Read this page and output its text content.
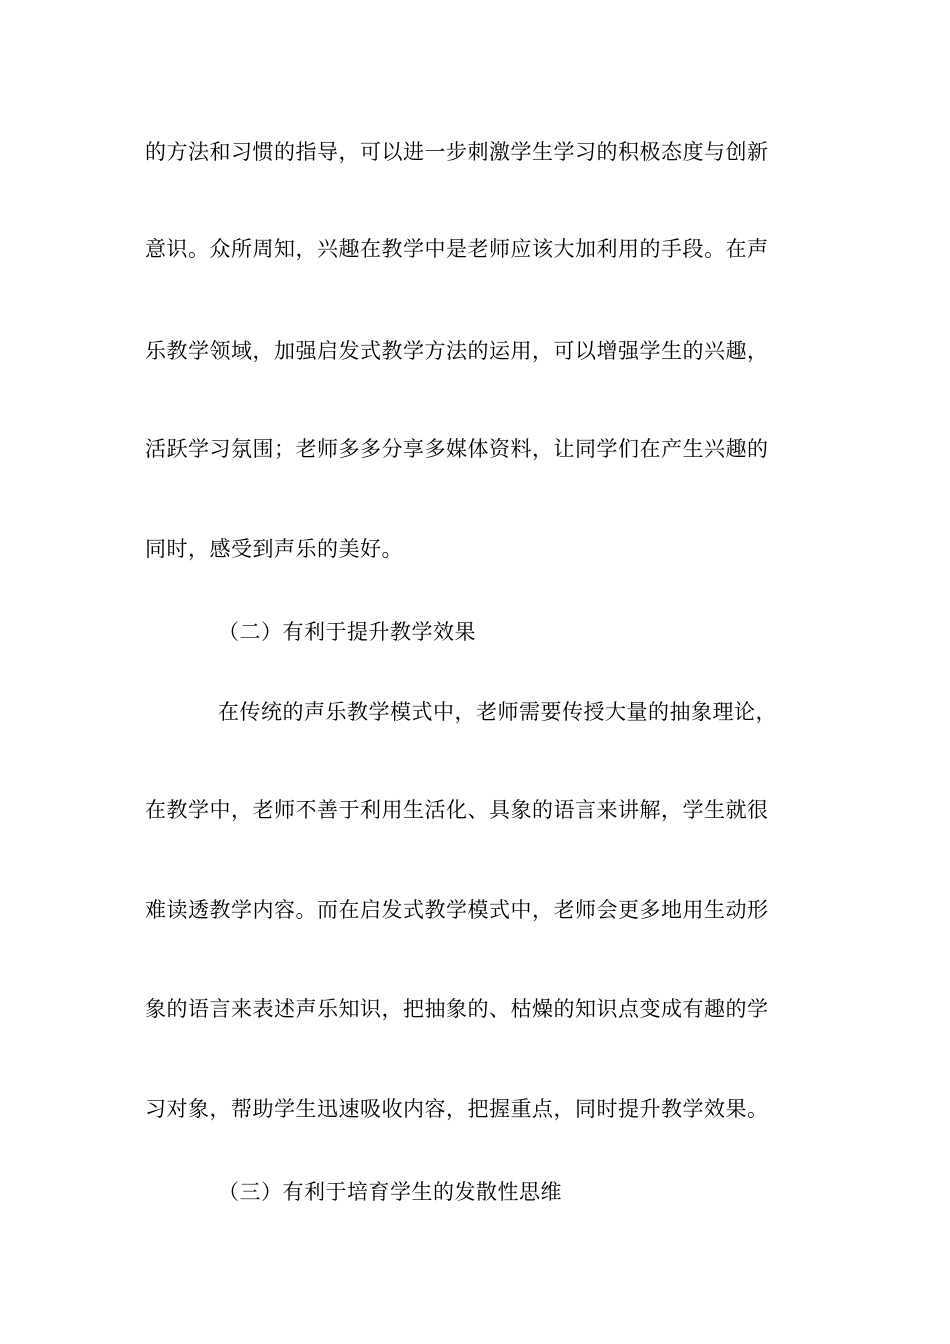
的方法和习惯的指导，可以进一步刺激学生学习的积极态度与创新
意识。众所周知，兴趣在教学中是老师应该大加利用的手段。在声
乐教学领域，加强启发式教学方法的运用，可以增强学生的兴趣，
活跃学习氛围；老师多多分享多媒体资料，让同学们在产生兴趣的
同时，感受到声乐的美好。
（二）有利于提升教学效果
在传统的声乐教学模式中，老师需要传授大量的抽象理论，
在教学中，老师不善于利用生活化、具象的语言来讲解，学生就很
难读透教学内容。而在启发式教学模式中，老师会更多地用生动形
象的语言来表述声乐知识，把抽象的、枯燥的知识点变成有趣的学
习对象，帮助学生迅速吸收内容，把握重点，同时提升教学效果。
（三）有利于培育学生的发散性思维
